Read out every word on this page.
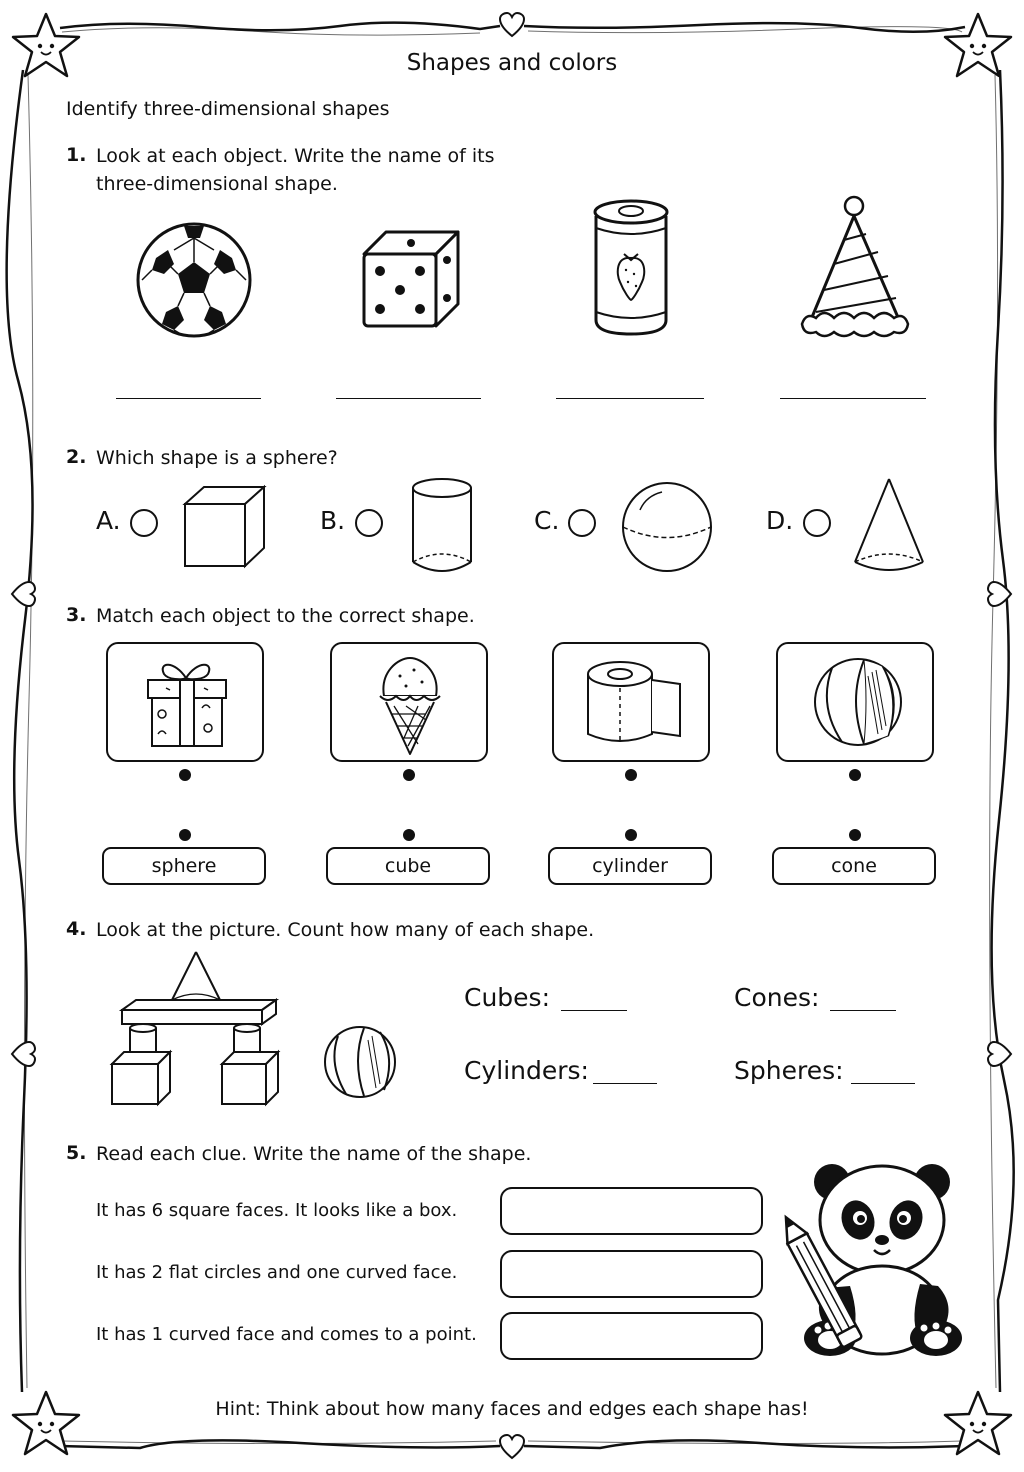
Shapes and colors
Identify three-dimensional shapes
1. Look at each object. Write the name of its
three-dimensional shape.
2. Which shape is a sphere?
A.	B.	C.	D.
3. Match each object to the correct shape.
sphere	cube	cylinder	cone
4. Look at the picture. Count how many of each shape.
Cubes:	Cones:
Cylinders:	Spheres:
5. Read each clue. Write the name of the shape.
It has 6 square faces. It looks like a box.
It has 2 flat circles and one curved face.
It has 1 curved face and comes to a point.
Hint: Think about how many faces and edges each shape has!
